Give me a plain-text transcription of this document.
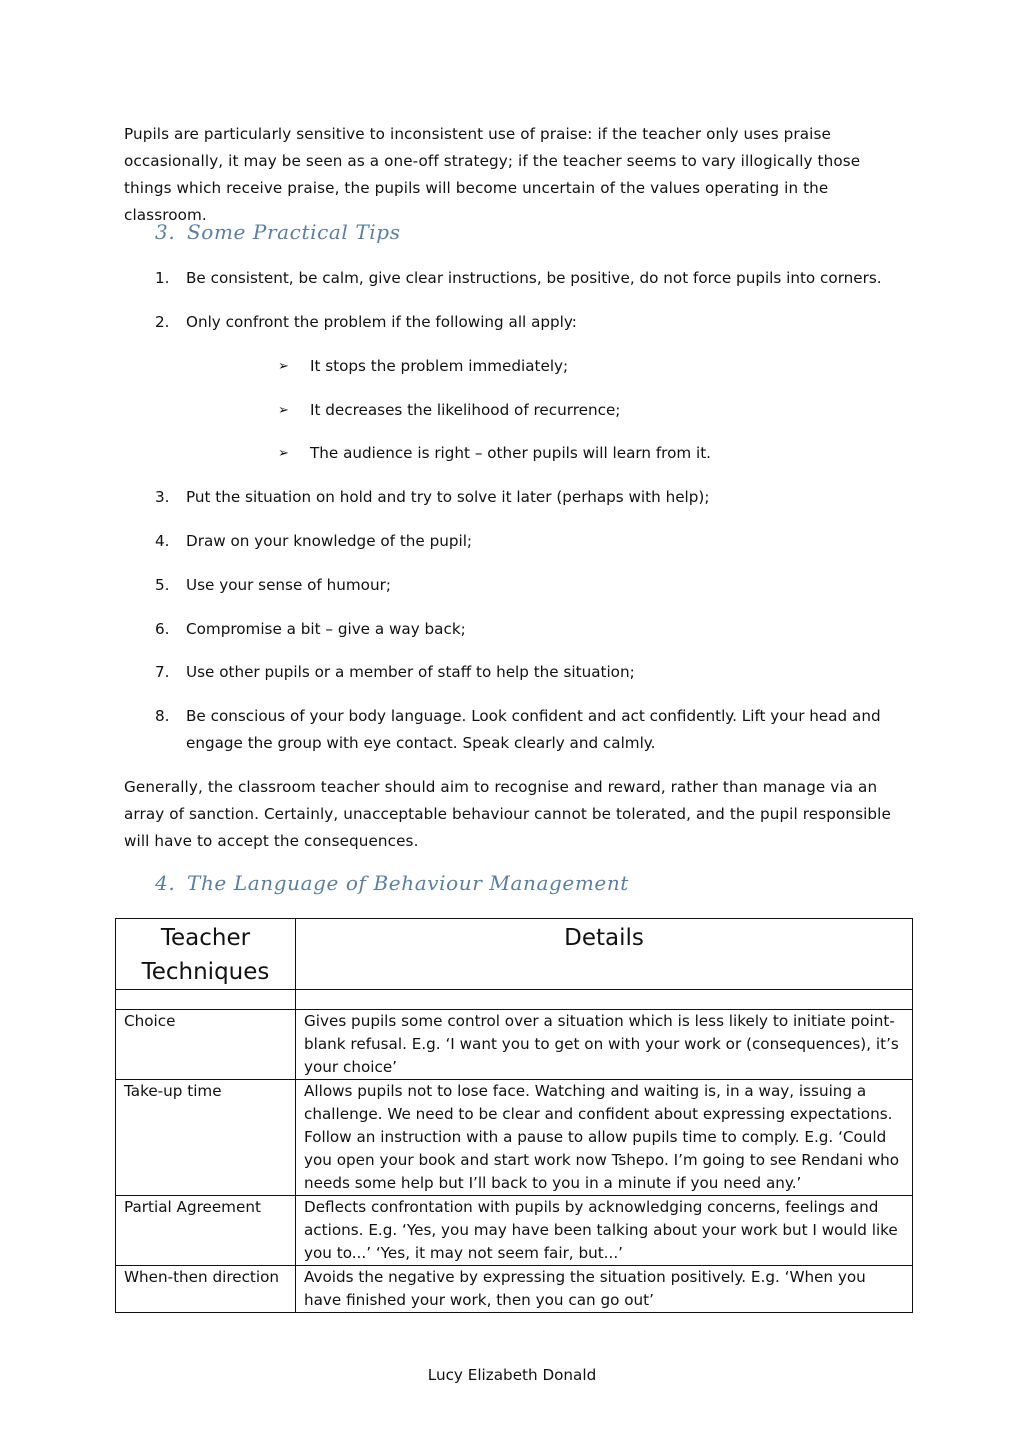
Pupils are particularly sensitive to inconsistent use of praise: if the teacher only uses praise occasionally, it may be seen as a one-off strategy; if the teacher seems to vary illogically those things which receive praise, the pupils will become uncertain of the values operating in the classroom.
3. Some Practical Tips
1.	Be consistent, be calm, give clear instructions, be positive, do not force pupils into corners.
2.	Only confront the problem if the following all apply:
➢ It stops the problem immediately;
➢ It decreases the likelihood of recurrence;
➢ The audience is right – other pupils will learn from it.
3.	Put the situation on hold and try to solve it later (perhaps with help);
4.	Draw on your knowledge of the pupil;
5.	Use your sense of humour;
6.	Compromise a bit – give a way back;
7.	Use other pupils or a member of staff to help the situation;
8.	Be conscious of your body language. Look confident and act confidently. Lift your head and engage the group with eye contact. Speak clearly and calmly.
Generally, the classroom teacher should aim to recognise and reward, rather than manage via an array of sanction. Certainly, unacceptable behaviour cannot be tolerated, and the pupil responsible will have to accept the consequences.
4. The Language of Behaviour Management
Teacher Techniques	Details

Choice	Gives pupils some control over a situation which is less likely to initiate point-blank refusal. E.g. ‘I want you to get on with your work or (consequences), it’s your choice’
Take-up time	Allows pupils not to lose face. Watching and waiting is, in a way, issuing a challenge. We need to be clear and confident about expressing expectations. Follow an instruction with a pause to allow pupils time to comply. E.g. ‘Could you open your book and start work now Tshepo. I’m going to see Rendani who needs some help but I’ll back to you in a minute if you need any.’
Partial Agreement	Deflects confrontation with pupils by acknowledging concerns, feelings and actions. E.g. ‘Yes, you may have been talking about your work but I would like you to...’ ‘Yes, it may not seem fair, but...’
When-then direction	Avoids the negative by expressing the situation positively. E.g. ‘When you have finished your work, then you can go out’
Lucy Elizabeth Donald
